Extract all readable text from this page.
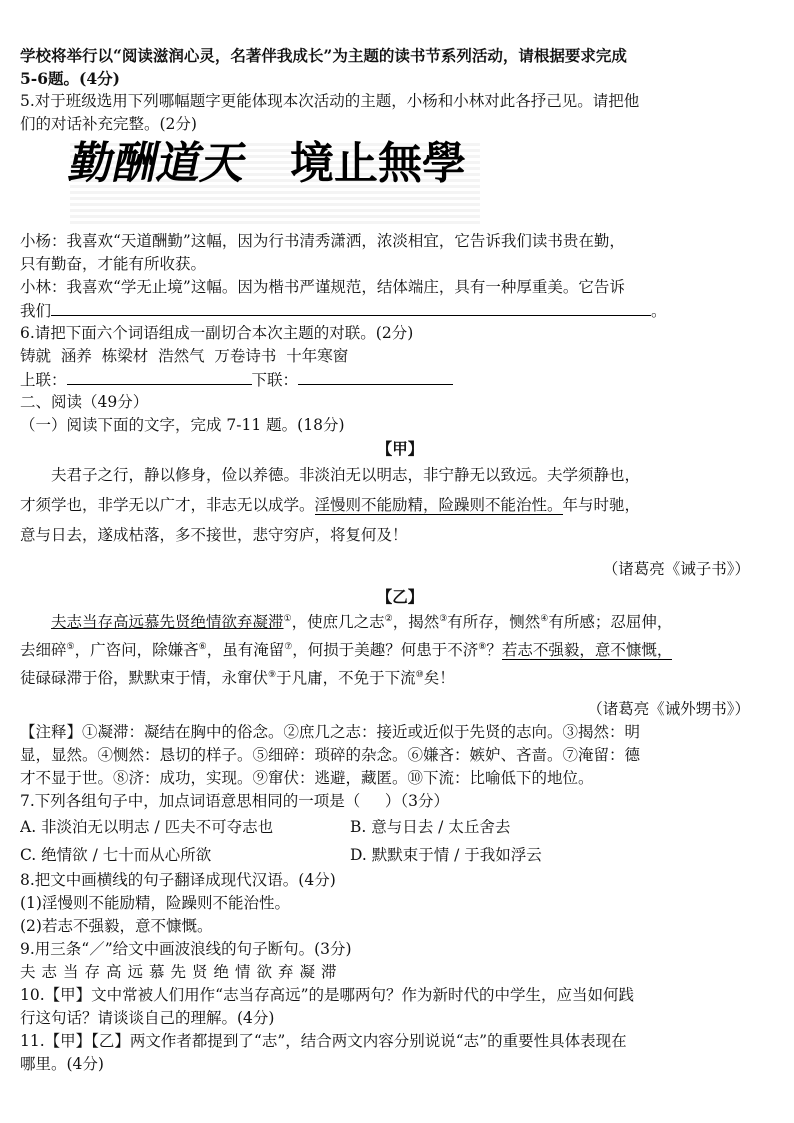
学校将举行以“阅读滋润心灵，名著伴我成长”为主题的读书节系列活动，请根据要求完成
5-6题。(4分)
5.对于班级选用下列哪幅题字更能体现本次活动的主题，小杨和小林对此各抒己见。请把他
们的对话补充完整。(2分)
勤酬道天 境止無學
小杨：我喜欢“天道酬勤”这幅，因为行书清秀潇洒，浓淡相宜，它告诉我们读书贵在勤，
只有勤奋，才能有所收获。
小林：我喜欢“学无止境”这幅。因为楷书严谨规范，结体端庄，具有一种厚重美。它告诉
我们	。
6.请把下面六个词语组成一副切合本次主题的对联。(2分)
铸就  涵养  栋梁材  浩然气  万卷诗书  十年寒窗
上联：	下联：
二、阅读（49分）
（一）阅读下面的文字，完成 7-11 题。(18分)
【甲】
夫君子之行，静以修身，俭以养德。非淡泊无以明志，非宁静无以致远。夫学须静也，
才须学也，非学无以广才，非志无以成学。淫慢则不能励精，险躁则不能治性。年与时驰，
意与日去，遂成枯落，多不接世，悲守穷庐，将复何及！
（诸葛亮《诫子书》）
【乙】
夫志当存高远慕先贤绝情欲弃凝滞①，使庶几之志②，揭然③有所存，恻然④有所感；忍屈伸，
去细碎⑤，广咨问，除嫌吝⑥，虽有淹留⑦，何损于美趣？何患于不济⑧？若志不强毅，意不慷慨，
徒碌碌滞于俗，默默束于情，永窜伏⑨于凡庸，不免于下流⑩矣！
（诸葛亮《诫外甥书》）
【注释】①凝滞：凝结在胸中的俗念。②庶几之志：接近或近似于先贤的志向。③揭然：明
显，显然。④恻然：恳切的样子。⑤细碎：琐碎的杂念。⑥嫌吝：嫉妒、吝啬。⑦淹留：德
才不显于世。⑧济：成功，实现。⑨窜伏：逃避，藏匿。⑩下流：比喻低下的地位。
7.下列各组句子中，加点词语意思相同的一项是（     ）（3分）
A. 非淡泊无以明志 / 匹夫不可夺志也	B. 意与日去 / 太丘舍去
C. 绝情欲 / 七十而从心所欲	D. 默默束于情 / 于我如浮云
8.把文中画横线的句子翻译成现代汉语。(4分)
(1)淫慢则不能励精，险躁则不能治性。
(2)若志不强毅，意不慷慨。
9.用三条“／”给文中画波浪线的句子断句。(3分)
夫志当存高远慕先贤绝情欲弃凝滞
10.【甲】文中常被人们用作“志当存高远”的是哪两句？作为新时代的中学生，应当如何践
行这句话？请谈谈自己的理解。(4分)
11.【甲】【乙】两文作者都提到了“志”，结合两文内容分别说说“志”的重要性具体表现在
哪里。(4分)
